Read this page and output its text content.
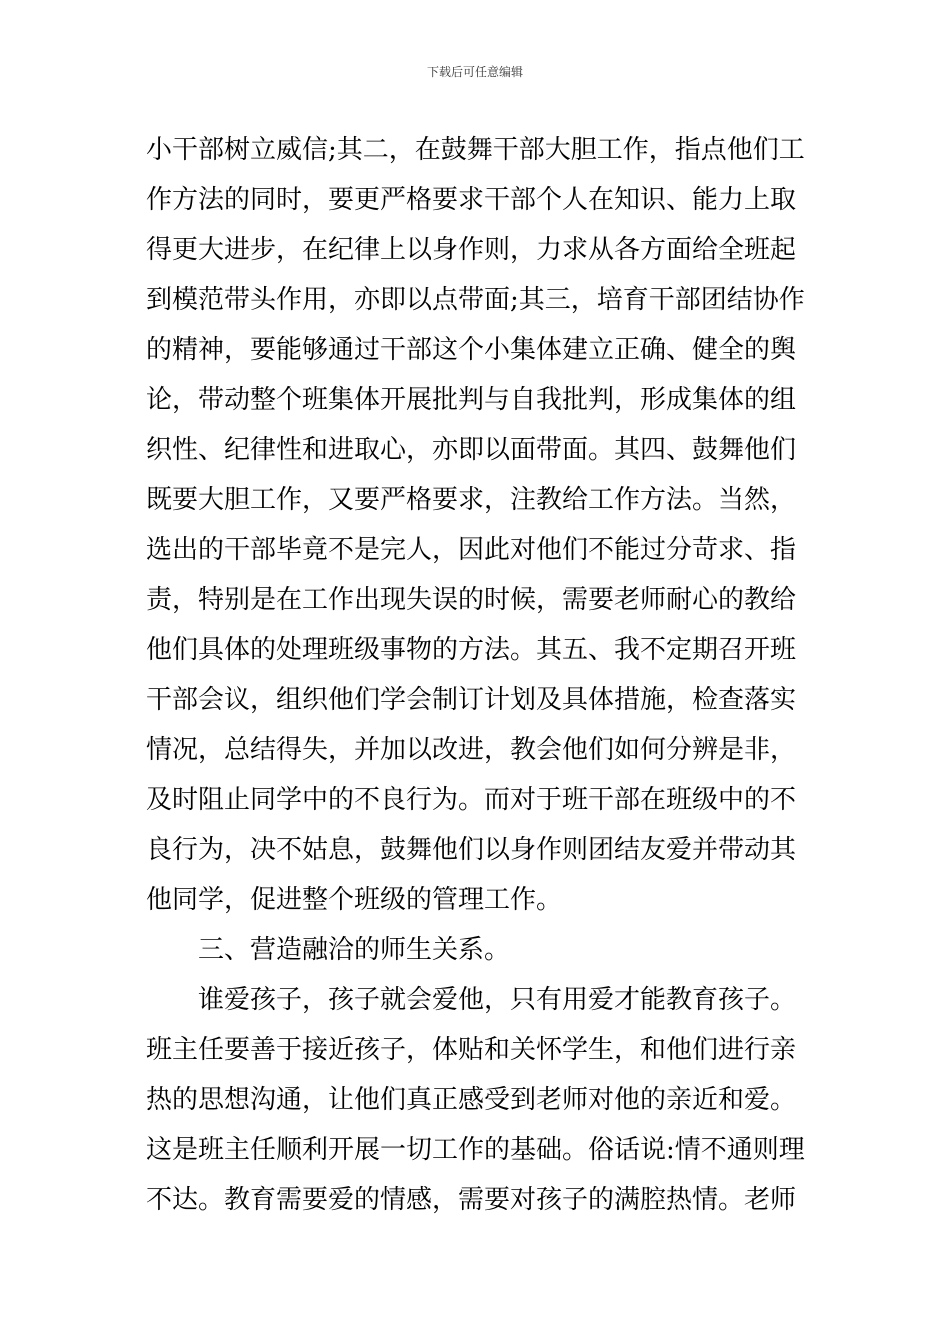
下载后可任意编辑
小干部树立威信;其二，在鼓舞干部大胆工作，指点他们工
作方法的同时，要更严格要求干部个人在知识、能力上取
得更大进步，在纪律上以身作则，力求从各方面给全班起
到模范带头作用，亦即以点带面;其三，培育干部团结协作
的精神，要能够通过干部这个小集体建立正确、健全的舆
论，带动整个班集体开展批判与自我批判，形成集体的组
织性、纪律性和进取心，亦即以面带面。其四、鼓舞他们
既要大胆工作，又要严格要求，注教给工作方法。当然，
选出的干部毕竟不是完人，因此对他们不能过分苛求、指
责，特别是在工作出现失误的时候，需要老师耐心的教给
他们具体的处理班级事物的方法。其五、我不定期召开班
干部会议，组织他们学会制订计划及具体措施，检查落实
情况，总结得失，并加以改进，教会他们如何分辨是非，
及时阻止同学中的不良行为。而对于班干部在班级中的不
良行为，决不姑息，鼓舞他们以身作则团结友爱并带动其
他同学，促进整个班级的管理工作。
三、营造融洽的师生关系。
谁爱孩子，孩子就会爱他，只有用爱才能教育孩子。
班主任要善于接近孩子，体贴和关怀学生，和他们进行亲
热的思想沟通，让他们真正感受到老师对他的亲近和爱。
这是班主任顺利开展一切工作的基础。俗话说:情不通则理
不达。教育需要爱的情感，需要对孩子的满腔热情。老师
